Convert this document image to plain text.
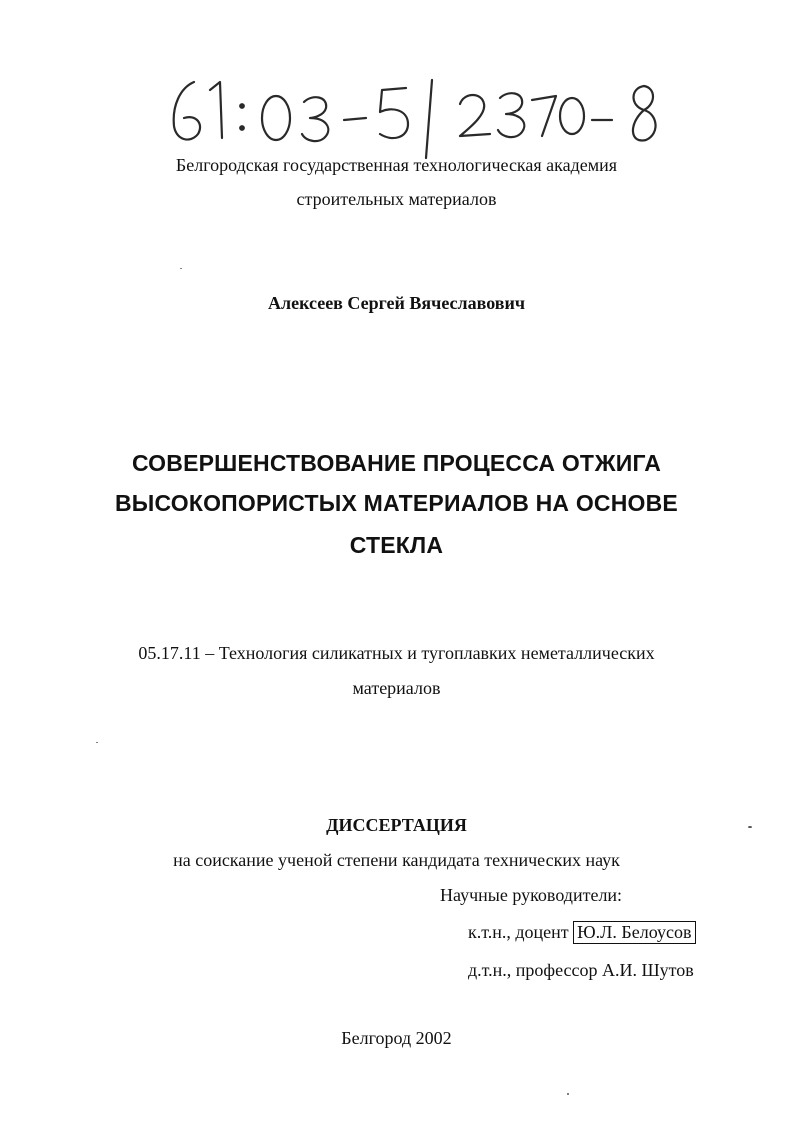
Белгородская государственная технологическая академия
строительных материалов
Алексеев Сергей Вячеславович
СОВЕРШЕНСТВОВАНИЕ ПРОЦЕССА ОТЖИГА
ВЫСОКОПОРИСТЫХ МАТЕРИАЛОВ НА ОСНОВЕ
СТЕКЛА
05.17.11 – Технология силикатных и тугоплавких неметаллических
материалов
ДИССЕРТАЦИЯ
на соискание ученой степени кандидата технических наук
Научные руководители:
к.т.н., доцент Ю.Л. Белоусов
д.т.н., профессор А.И. Шутов
Белгород 2002
